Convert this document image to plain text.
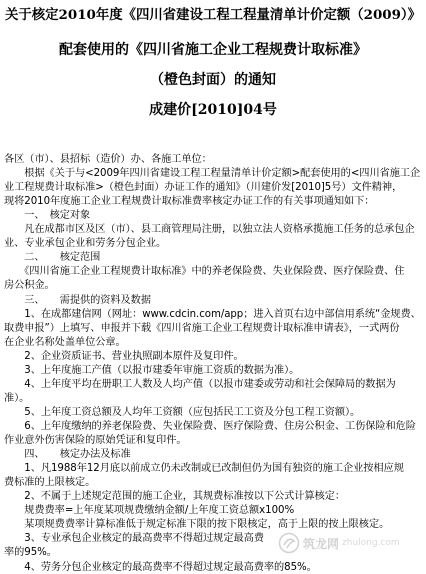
关于核定2010年度《四川省建设工程工程量清单计价定额（2009）》
配套使用的《四川省施工企业工程规费计取标准》
（橙色封面）的通知
成建价[2010]04号

各区（市）、县招标（造价）办、各施工单位：

　　根据《关于与<2009年四川省建设工程工程量清单计价定额>配套使用的<四川省施工企

业工程规费计取标准>（橙色封面）办证工作的通知》（川建价发[2010]5号）文件精神，

现将2010年度施工企业工程规费计取标准费率核定办证工作的有关事项通知如下：

　　一、　核定对象

　　凡在成都市区及区（市）、县工商管理局注册，以独立法人资格承揽施工任务的总承包企

业、专业承包企业和劳务分包企业。

　　二、　　核定范围

　　《四川省施工企业工程规费计取标准》中的养老保险费、失业保险费、医疗保险费、住

房公积金。

　　三、　　需提供的资料及数据

　　1、在成都建信网（网址：www.cdcin.com/app；进入首页右边中部信用系统“金规费、

取费申报”）上填写、申报并下载《四川省施工企业工程规费计取标准申请表》，一式两份

在企业名称处盖单位公章。

　　2、企业资质证书、营业执照副本原件及复印件。

　　3、上年度施工产值（以报市建委年审施工资质的数据为准）。

　　4、上年度平均在册职工人数及人均产值（以报市建委或劳动和社会保障局的数据为

准）。

　　5、上年度工资总额及人均年工资额（应包括民工工资及分包工程工资额）。

　　6、上年度缴纳的养老保险费、失业保险费、医疗保险费、住房公积金、工伤保险和危险

作业意外伤害保险的原始凭证和复印件。

　　四、　　核定办法及标准

　　1、凡1988年12月底以前成立仍未改制或已改制但仍为国有独资的施工企业按相应规

费标准的上限核定。

　　2、不属于上述规定范围的施工企业，其规费标准按以下公式计算核定：

　　规费费率=上年度某项规费缴纳金额/上年度工资总额x100%

　　某项规费费率计算标准低于规定标准下限的按下限核定，高于上限的按上限核定。

　　3、专业承包企业核定的最高费率不得超过规定最高费

率的95%。

　　4、劳务分包企业核定的最高费率不得超过规定最高费率的85%。

筑龙网 zhulong.com
